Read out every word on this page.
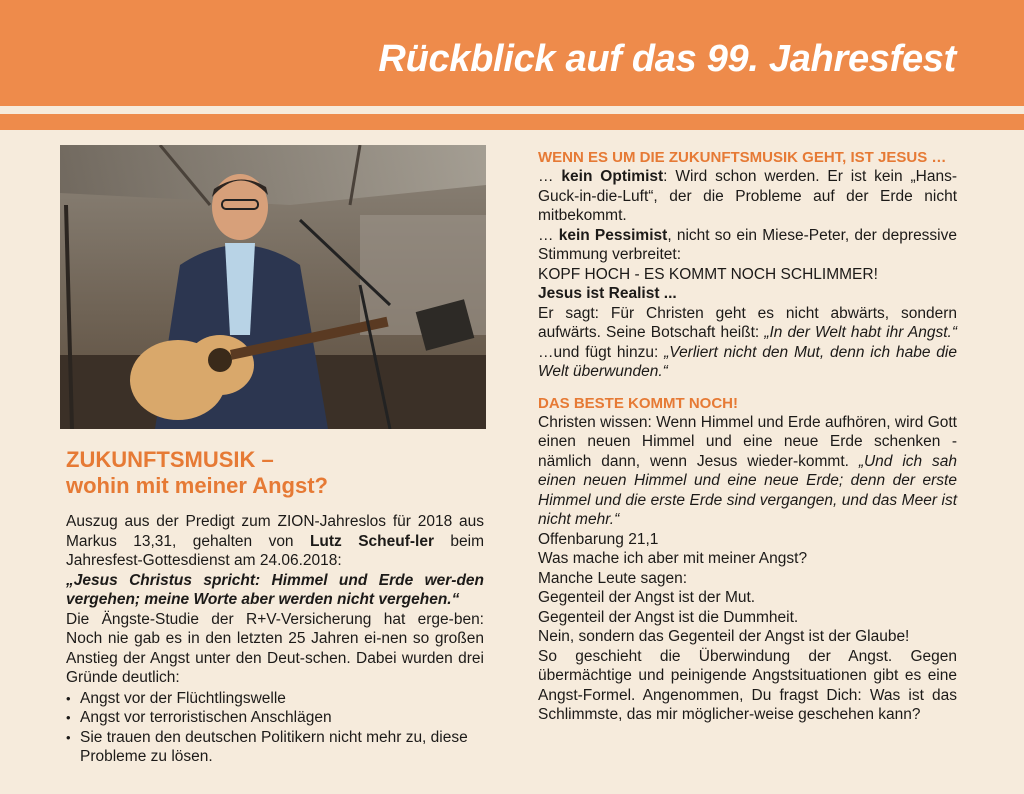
Rückblick auf das 99. Jahresfest
ZUKUNFTSMUSIK –
wohin mit meiner Angst?

Auszug aus der Predigt zum ZION-Jahreslos für 2018 aus Markus 13,31, gehalten von Lutz Scheuf-ler beim Jahresfest-Gottesdienst am 24.06.2018:

„Jesus Christus spricht: Himmel und Erde wer-den vergehen; meine Worte aber werden nicht vergehen.“

Die Ängste-Studie der R+V-Versicherung hat erge-ben: Noch nie gab es in den letzten 25 Jahren ei-nen so großen Anstieg der Angst unter den Deut-schen. Dabei wurden drei Gründe deutlich:

• Angst vor der Flüchtlingswelle
• Angst vor terroristischen Anschlägen
• Sie trauen den deutschen Politikern nicht mehr zu, diese Probleme zu lösen.
WENN ES UM DIE ZUKUNFTSMUSIK GEHT, IST JESUS …

… kein Optimist: Wird schon werden. Er ist kein „Hans-Guck-in-die-Luft“, der die Probleme auf der Erde nicht mitbekommt.

… kein Pessimist, nicht so ein Miese-Peter, der depressive Stimmung verbreitet:

KOPF HOCH - ES KOMMT NOCH SCHLIMMER!

Jesus ist Realist ...

Er sagt: Für Christen geht es nicht abwärts, sondern aufwärts. Seine Botschaft heißt: „In der Welt habt ihr Angst.“ …und fügt hinzu: „Verliert nicht den Mut, denn ich habe die Welt überwunden.“

DAS BESTE KOMMT NOCH!

Christen wissen: Wenn Himmel und Erde aufhören, wird Gott einen neuen Himmel und eine neue Erde schenken - nämlich dann, wenn Jesus wieder-kommt. „Und ich sah einen neuen Himmel und eine neue Erde; denn der erste Himmel und die erste Erde sind vergangen, und das Meer ist nicht mehr.“

Offenbarung 21,1

Was mache ich aber mit meiner Angst?

Manche Leute sagen:

Gegenteil der Angst ist der Mut.

Gegenteil der Angst ist die Dummheit.

Nein, sondern das Gegenteil der Angst ist der Glaube!

So geschieht die Überwindung der Angst. Gegen übermächtige und peinigende Angstsituationen gibt es eine Angst-Formel. Angenommen, Du fragst Dich: Was ist das Schlimmste, das mir möglicher-weise geschehen kann?
